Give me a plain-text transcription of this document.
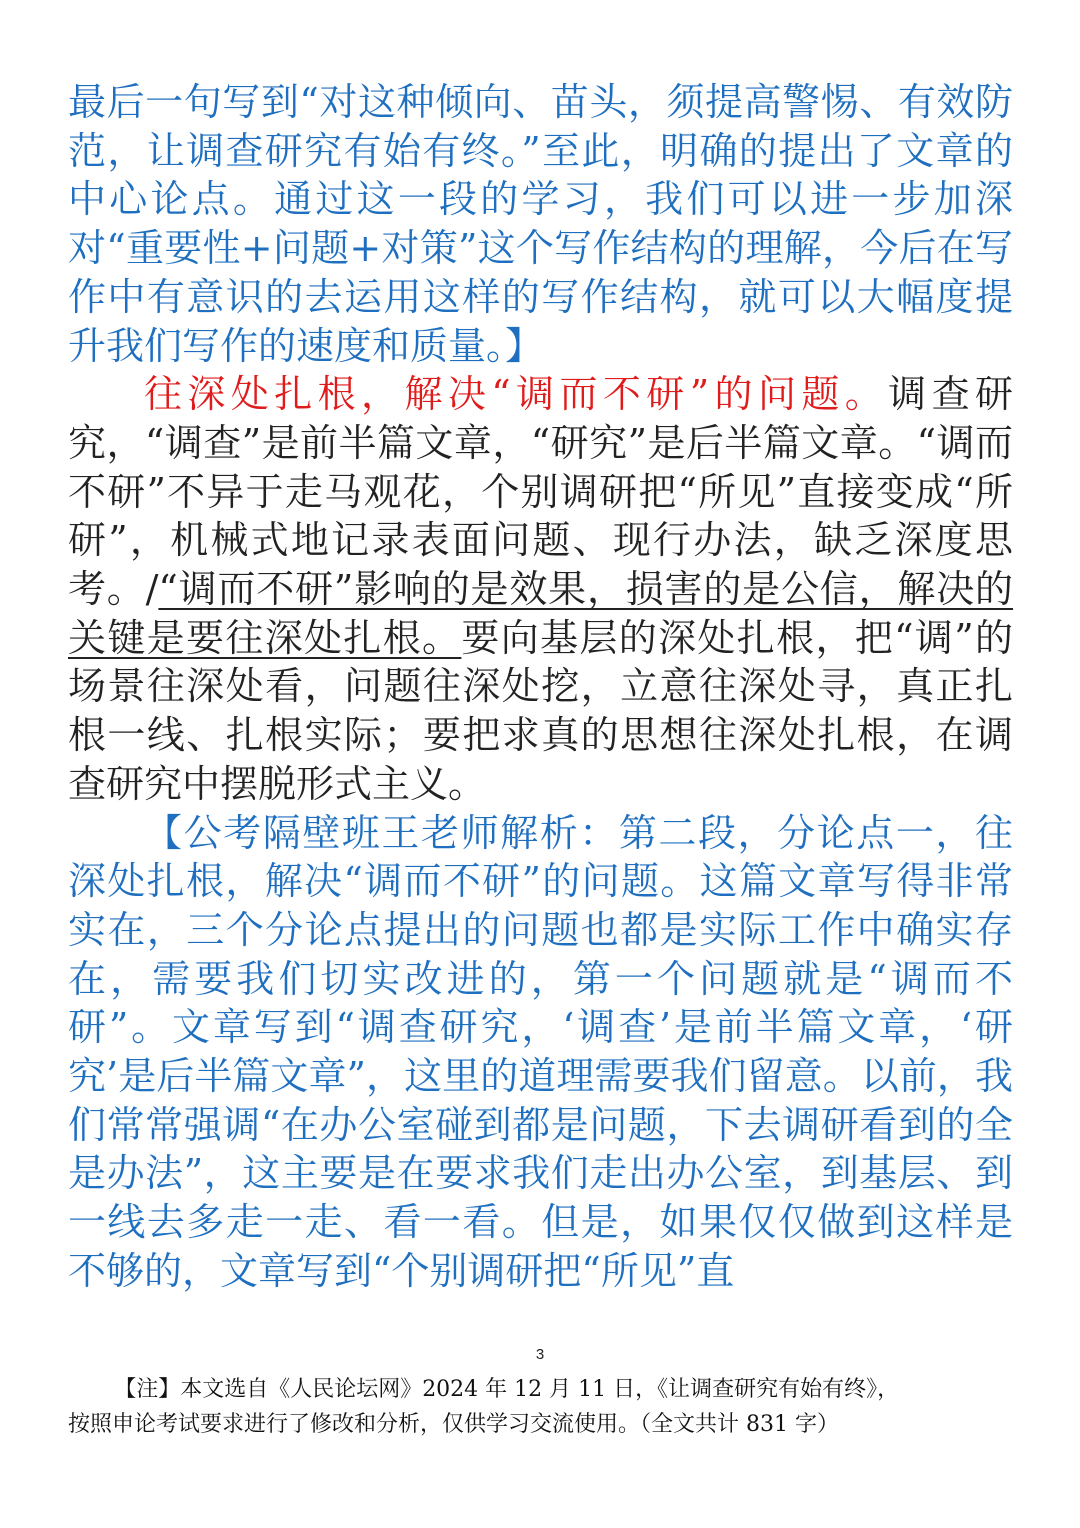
最后一句写到“对这种倾向、苗头，须提高警惕、有效防范，让调查研究有始有终。”至此，明确的提出了文章的中心论点。通过这一段的学习，我们可以进一步加深对“重要性+问题+对策”这个写作结构的理解，今后在写作中有意识的去运用这样的写作结构，就可以大幅度提升我们写作的速度和质量。】

往深处扎根，解决“调而不研”的问题。调查研究，“调查”是前半篇文章，“研究”是后半篇文章。“调而不研”不异于走马观花，个别调研把“所见”直接变成“所研”，机械式地记录表面问题、现行办法，缺乏深度思考。/“调而不研”影响的是效果，损害的是公信，解决的关键是要往深处扎根。要向基层的深处扎根，把“调”的场景往深处看，问题往深处挖，立意往深处寻，真正扎根一线、扎根实际；要把求真的思想往深处扎根，在调查研究中摆脱形式主义。

【公考隔壁班王老师解析：第二段，分论点一，往深处扎根，解决“调而不研”的问题。这篇文章写得非常实在，三个分论点提出的问题也都是实际工作中确实存在，需要我们切实改进的，第一个问题就是“调而不研”。文章写到“调查研究，‘调查’是前半篇文章，‘研究’是后半篇文章”，这里的道理需要我们留意。以前，我们常常强调“在办公室碰到都是问题，下去调研看到的全是办法”，这主要是在要求我们走出办公室，到基层、到一线去多走一走、看一看。但是，如果仅仅做到这样是不够的，文章写到“个别调研把“所见”直

3

【注】本文选自《人民论坛网》2024 年 12 月 11 日，《让调查研究有始有终》，

按照申论考试要求进行了修改和分析，仅供学习交流使用。（全文共计 831 字）
